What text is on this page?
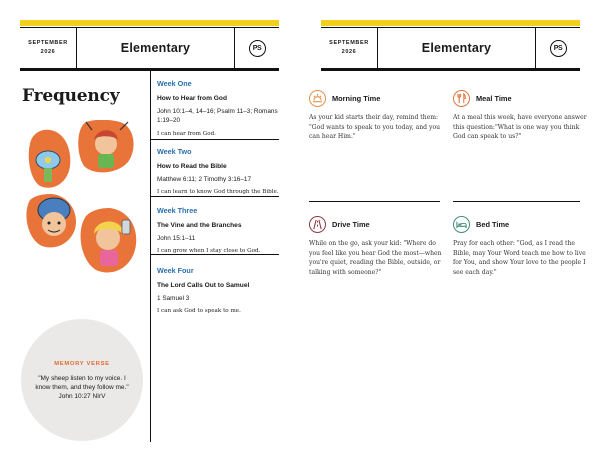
SEPTEMBER
2026	Elementary	PS
Frequency
MEMORY VERSE
"My sheep listen to my voice. I know them, and they follow me."
John 10:27 NIrV
Week One
How to Hear from God
John 10:1–4, 14–16; Psalm 11–3; Romans 1:19–20
I can hear from God.
Week Two
How to Read the Bible
Matthew 6:11; 2 Timothy 3:16–17
I can learn to know God through the Bible.
Week Three
The Vine and the Branches
John 15:1–11
I can grow when I stay close to God.
Week Four
The Lord Calls Out to Samuel
1 Samuel 3
I can ask God to speak to me.
SEPTEMBER
2026	Elementary	PS
Morning Time
As your kid starts their day, remind them: "God wants to speak to you today, and you can hear Him."
Meal Time
At a meal this week, have everyone answer this question:"What is one way you think God can speak to us?"
Drive Time
While on the go, ask your kid: "Where do you feel like you hear God the most—when you're quiet, reading the Bible, outside, or talking with someone?"
Bed Time
Pray for each other: "God, as I read the Bible, may Your Word teach me how to live for You, and show Your love to the people I see each day."
